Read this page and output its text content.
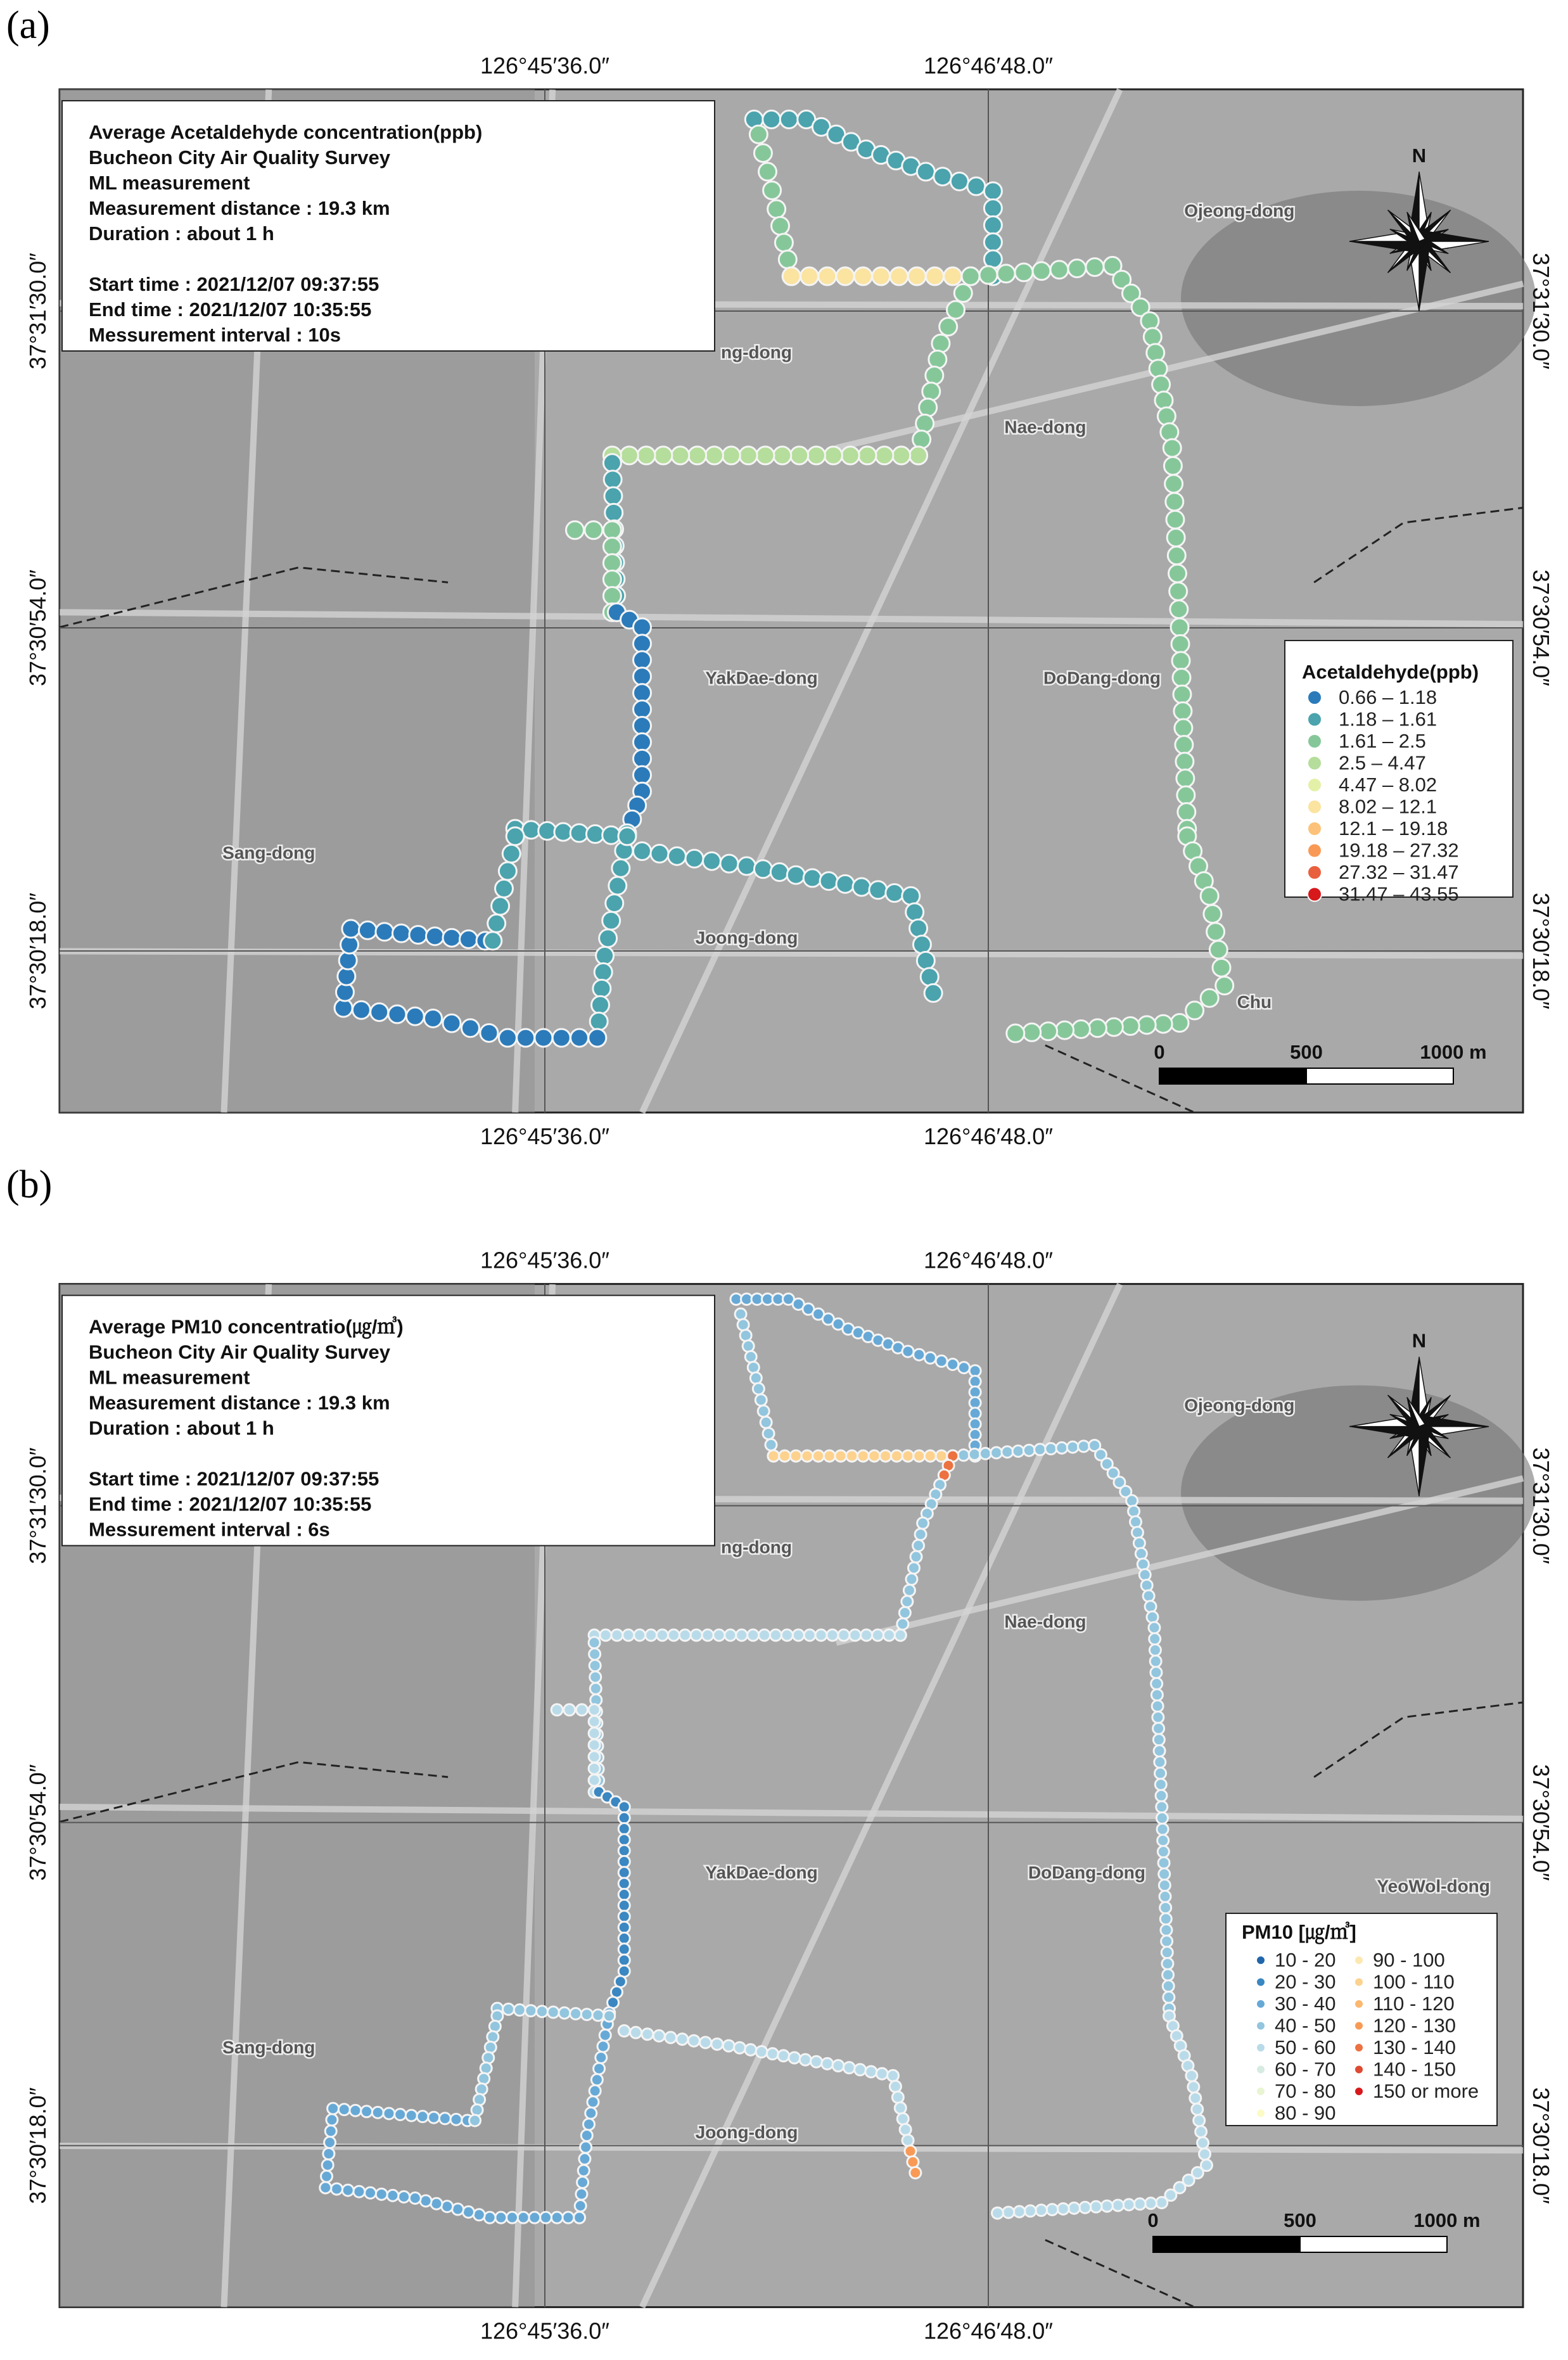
(a)
126°45′36.0″	126°46′48.0″
126°45′36.0″	126°46′48.0″
37°31′30.0″	37°31′30.0″
37°30′54.0″	37°30′54.0″
37°30′18.0″	37°30′18.0″
Average Acetaldehyde concentration(ppb)
Bucheon City Air Quality Survey
ML measurement
Measurement distance : 19.3 km
Duration : about 1 h
Start time : 2021/12/07 09:37:55
End time : 2021/12/07 10:35:55
Messurement interval : 10s
Ojeong-dong
ng-dong
Nae-dong
YakDae-dong	DoDang-dong
Sang-dong
Joong-dong
Chu
N
Acetaldehyde(ppb)
0.66 – 1.18
1.18 – 1.61
1.61 – 2.5
2.5 – 4.47
4.47 – 8.02
8.02 – 12.1
12.1 – 19.18
19.18 – 27.32
27.32 – 31.47
31.47 – 43.55
0	500	1000 m
(b)
126°45′36.0″	126°46′48.0″
126°45′36.0″	126°46′48.0″
37°31′30.0″	37°31′30.0″
37°30′54.0″	37°30′54.0″
37°30′18.0″	37°30′18.0″
Average PM10 concentratio(㎍/㎥)
Bucheon City Air Quality Survey
ML measurement
Measurement distance : 19.3 km
Duration : about 1 h
Start time : 2021/12/07 09:37:55
End time : 2021/12/07 10:35:55
Messurement interval : 6s
Ojeong-dong
ng-dong
Nae-dong
YakDae-dong	DoDang-dong
Sang-dong
Joong-dong
YeoWol-dong
N
PM10 [㎍/㎥]
10 - 20
20 - 30
30 - 40
40 - 50
50 - 60
60 - 70
70 - 80
80 - 90
90 - 100
100 - 110
110 - 120
120 - 130
130 - 140
140 - 150
150 or more
0	500	1000 m
